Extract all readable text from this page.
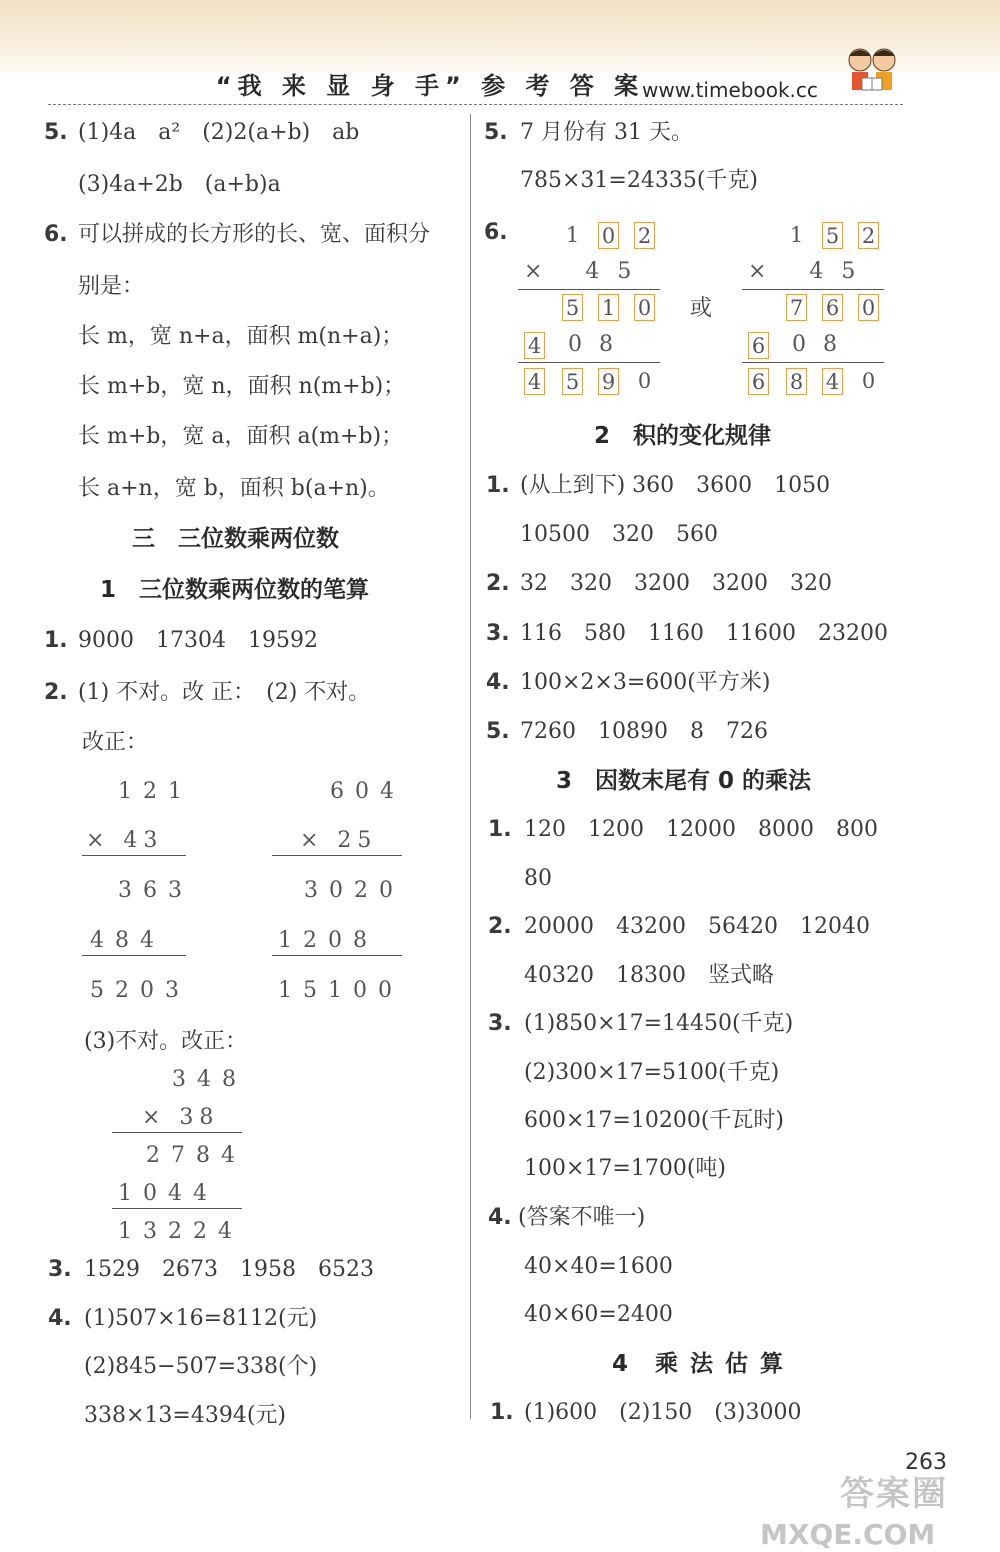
“我 来 显 身 手” 参 考 答 案
www.timebook.cc
5. (1)4a　a²　(2)2(a+b)　ab
(3)4a+2b　(a+b)a
6. 可以拼成的长方形的长、宽、面积分
别是：
长 m，宽 n+a，面积 m(n+a)；
长 m+b，宽 n，面积 n(m+b)；
长 m+b，宽 a，面积 a(m+b)；
长 a+n，宽 b，面积 b(a+n)。
三　三位数乘两位数
1　三位数乘两位数的笔算
1. 9000　17304　19592
2. (1) 不对。改 正：　(2) 不对。
改正：
121
× 43
363
484
5203
604
× 25
3020
1208
15100
(3)不对。改正：
348
× 38
2784
1044
13224
3. 1529　2673　1958　6523
4. (1)507×16=8112(元)
(2)845−507=338(个)
338×13=4394(元)
5. 7 月份有 31 天。
785×31=24335(千克)
6.	1 0 2
× 45
5 1 0
4 08
4 5 9 0
或
1 5 2
× 45
7 6 0
6 08
6 8 4 0
2　积的变化规律
1. (从上到下) 360　3600　1050
10500　320　560
2. 32　320　3200　3200　320
3. 116　580　1160　11600　23200
4. 100×2×3=600(平方米)
5. 7260　10890　8　726
3　因数末尾有 0 的乘法
1. 120　1200　12000　8000　800
80
2. 20000　43200　56420　12040
40320　18300　竖式略
3. (1)850×17=14450(千克)
(2)300×17=5100(千克)
600×17=10200(千瓦时)
100×17=1700(吨)
4. (答案不唯一)
40×40=1600
40×60=2400
4　乘 法 估 算
1. (1)600　(2)150　(3)3000
263
答案圈
MXQE.COM
